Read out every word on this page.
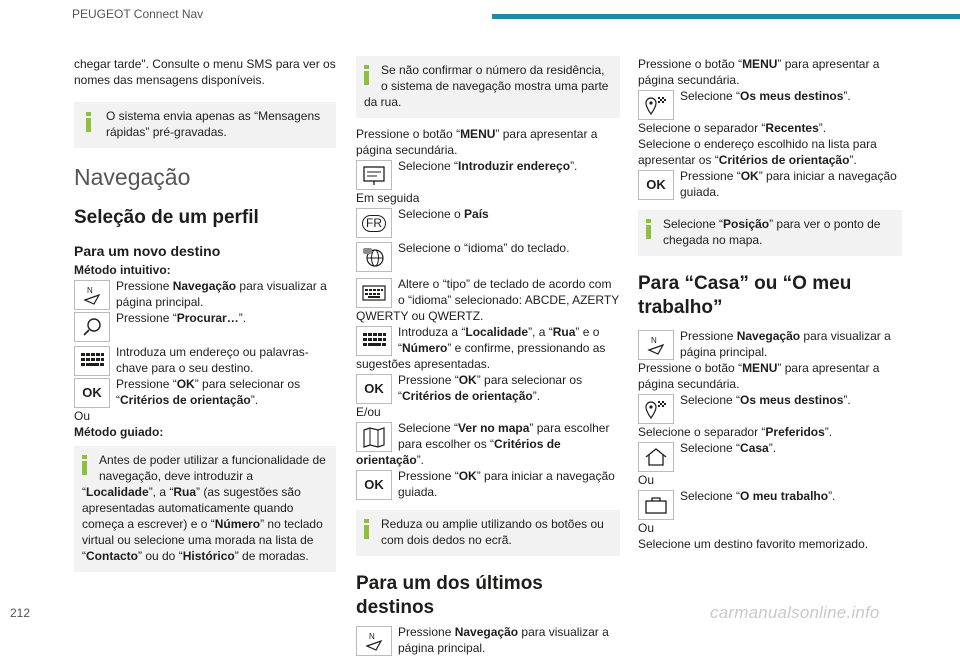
PEUGEOT Connect Nav

chegar tarde". Consulte o menu SMS para ver os nomes das mensagens disponíveis.

O sistema envia apenas as “Mensagens rápidas” pré-gravadas.
Navegação
Seleção de um perfil
Para um novo destino

Método intuitivo:

N Pressione Navegação para visualizar a página principal.
Pressione “Procurar…”.
Introduza um endereço ou palavras-chave para o seu destino.
OK
Pressione “OK” para selecionar os “Critérios de orientação”.

Ou

Método guiado:

Antes de poder utilizar a funcionalidade de navegação, deve introduzir a “Localidade”, a “Rua” (as sugestões são apresentadas automaticamente quando começa a escrever) e o “Número” no teclado virtual ou selecione uma morada na lista de “Contacto” ou do “Histórico” de moradas.
Se não confirmar o número da residência, o sistema de navegação mostra uma parte da rua.

Pressione o botão “MENU” para apresentar a página secundária.

Selecione “Introduzir endereço”.

Em seguida

FR
Selecione o País
Selecione o “idioma” do teclado.
Altere o “tipo” de teclado de acordo com o “idioma” selecionado: ABCDE, AZERTY QWERTY ou QWERTZ.
Introduza a “Localidade”, a “Rua” e o “Número” e confirme, pressionando as sugestões apresentadas.
OK
Pressione “OK” para selecionar os “Critérios de orientação”.

E/ou

Selecione “Ver no mapa” para escolher para escolher os “Critérios de orientação”.
OK
Pressione “OK” para iniciar a navegação guiada.
Reduza ou amplie utilizando os botões ou com dois dedos no ecrã.
Para um dos últimos destinos
N Pressione Navegação para visualizar a página principal.

Pressione o botão “MENU” para apresentar a página secundária.

Selecione “Os meus destinos”.

Selecione o separador “Recentes”.

Selecione o endereço escolhido na lista para apresentar os “Critérios de orientação”.

OK
Pressione “OK” para iniciar a navegação guiada.
Selecione “Posição” para ver o ponto de chegada no mapa.
Para “Casa” ou “O meu trabalho”
N Pressione Navegação para visualizar a página principal.

Pressione o botão “MENU” para apresentar a página secundária.

Selecione “Os meus destinos”.

Selecione o separador “Preferidos”.

Selecione “Casa”.

Ou

Selecione “O meu trabalho”.

Ou

Selecione um destino favorito memorizado.

212	carmanualsonline.info
